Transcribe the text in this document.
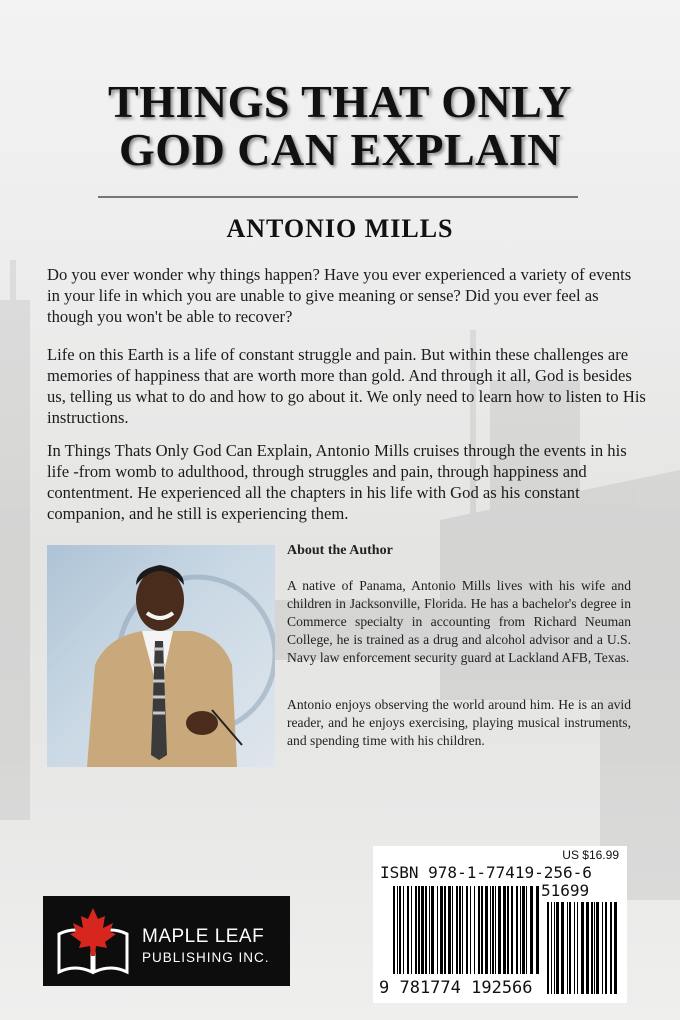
THINGS THAT ONLY
GOD CAN EXPLAIN
ANTONIO MILLS
Do you ever wonder why things happen? Have you ever experienced a variety of events in your life in which you are unable to give meaning or sense? Did you ever feel as though you won't be able to recover?
Life on this Earth is a life of constant struggle and pain. But within these challenges are memories of happiness that are worth more than gold. And through it all, God is besides us, telling us what to do and how to go about it. We only need to learn how to listen to His instructions.
In Things Thats Only God Can Explain, Antonio Mills cruises through the events in his life -from womb to adulthood, through struggles and pain, through happiness and contentment. He experienced all the chapters in his life with God as his constant companion, and he still is experiencing them.
About the Author
A native of Panama, Antonio Mills lives with his wife and children in Jacksonville, Florida. He has a bachelor's degree in Commerce specialty in accounting from Richard Neuman College, he is trained as a drug and alcohol advisor and a U.S. Navy law enforcement security guard at Lackland AFB, Texas.
Antonio enjoys observing the world around him. He is an avid reader, and he enjoys exercising, playing musical instruments, and spending time with his children.
MAPLE LEAF
PUBLISHING INC.
US $16.99
ISBN 978-1-77419-256-6
51699
9 781774 192566
